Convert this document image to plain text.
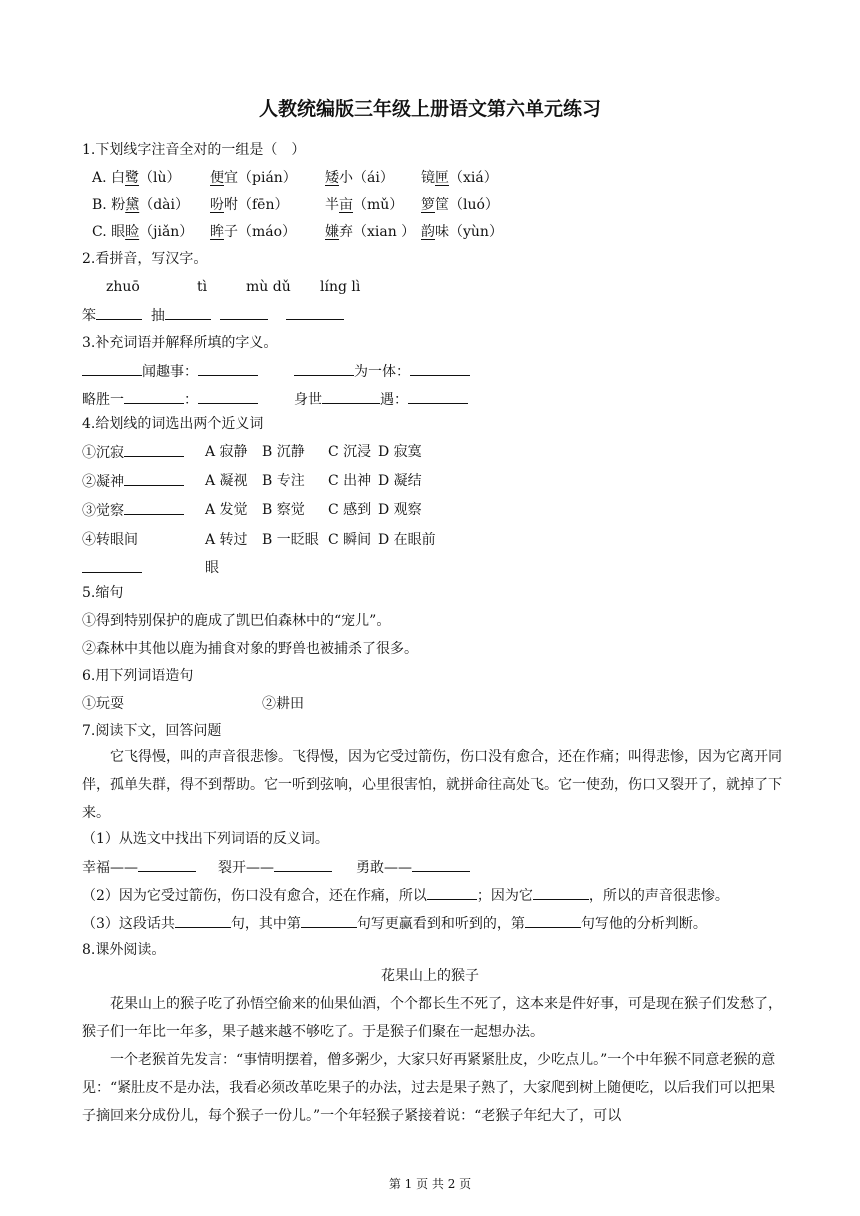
人教统编版三年级上册语文第六单元练习
1.下划线字注音全对的一组是（　）
A. 白鹭（lù） 便宜（pián） 矮小（ái） 镜匣（xiá）
B. 粉黛（dài） 吩咐（fēn）	半亩（mǔ） 箩筐（luó）
C. 眼睑（jiǎn） 眸子（máo） 嫌弃（xian ） 韵味（yùn）
2.看拼音，写汉字。
zhuō	tì	mù dǔ líng lì
笨	抽
3.补充词语并解释所填的字义。
闻趣事：	为一体：
略胜一	：	身世	遇：
4.给划线的词选出两个近义词
①沉寂	A 寂静 B 沉静 C 沉浸 D 寂寞
②凝神	A 凝视 B 专注 C 出神 D 凝结
③觉察	A 发觉 B 察觉 C 感到 D 观察
④转眼间	A 转过 B 一眨眼 C 瞬间 D 在眼前
眼
5.缩句
①得到特别保护的鹿成了凯巴伯森林中的“宠儿”。
②森林中其他以鹿为捕食对象的野兽也被捕杀了很多。
6.用下列词语造句
①玩耍	②耕田
7.阅读下文，回答问题
它飞得慢，叫的声音很悲惨。飞得慢，因为它受过箭伤，伤口没有愈合，还在作痛；叫得悲惨，因为它离开同伴，孤单失群，得不到帮助。它一听到弦响，心里很害怕，就拼命往高处飞。它一使劲，伤口又裂开了，就掉了下来。
（1）从选文中找出下列词语的反义词。
幸福——	裂开——	勇敢——
（2）因为它受过箭伤，伤口没有愈合，还在作痛，所以	；因为它	，所以的声音很悲惨。
（3）这段话共	句，其中第	句写更赢看到和听到的，第	句写他的分析判断。
8.课外阅读。
花果山上的猴子
花果山上的猴子吃了孙悟空偷来的仙果仙酒，个个都长生不死了，这本来是件好事，可是现在猴子们发愁了，猴子们一年比一年多，果子越来越不够吃了。于是猴子们聚在一起想办法。
一个老猴首先发言：“事情明摆着，僧多粥少，大家只好再紧紧肚皮，少吃点儿。”一个中年猴不同意老猴的意见：“紧肚皮不是办法，我看必须改革吃果子的办法，过去是果子熟了，大家爬到树上随便吃，以后我们可以把果子摘回来分成份儿，每个猴子一份儿。”一个年轻猴子紧接着说：“老猴子年纪大了，可以
第 1 页 共 2 页
